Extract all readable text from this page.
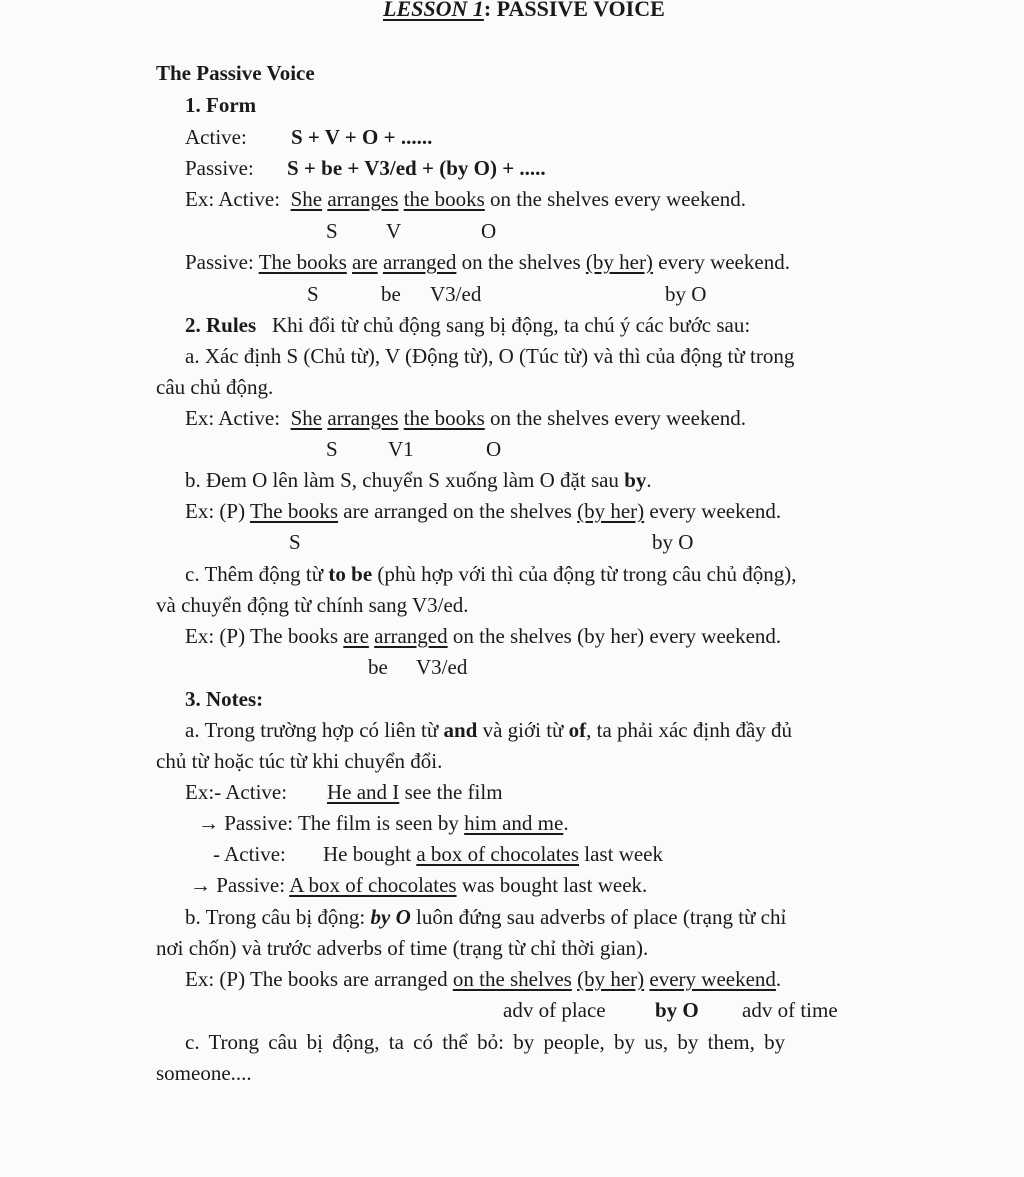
LESSON 1: PASSIVE VOICE
The Passive Voice
1. Form
Active: S + V + O + ......
Passive: S + be + V3/ed + (by O) + .....
Ex: Active: She arranges the books on the shelves every weekend.
S V	O
Passive: The books are arranged on the shelves (by her) every weekend.
S	be V3/ed	by O
2. Rules Khi đổi từ chủ động sang bị động, ta chú ý các bước sau:
a. Xác định S (Chủ từ), V (Động từ), O (Túc từ) và thì của động từ trong
câu chủ động.
Ex: Active: She arranges the books on the shelves every weekend.
S V1	O
b. Đem O lên làm S, chuyển S xuống làm O đặt sau by.
Ex: (P) The books are arranged on the shelves (by her) every weekend.
S	by O
c. Thêm động từ to be (phù hợp với thì của động từ trong câu chủ động),
và chuyển động từ chính sang V3/ed.
Ex: (P) The books are arranged on the shelves (by her) every weekend.
be V3/ed
3. Notes:
a. Trong trường hợp có liên từ and và giới từ of, ta phải xác định đầy đủ
chủ từ hoặc túc từ khi chuyển đổi.
Ex:- Active: He and I see the film
→ Passive: The film is seen by him and me.
- Active: He bought a box of chocolates last week
→ Passive: A box of chocolates was bought last week.
b. Trong câu bị động: by O luôn đứng sau adverbs of place (trạng từ chỉ
nơi chốn) và trước adverbs of time (trạng từ chỉ thời gian).
Ex: (P) The books are arranged on the shelves (by her) every weekend.
adv of place by O adv of time
c. Trong câu bị động, ta có thể bỏ: by people, by us, by them, by
someone....
